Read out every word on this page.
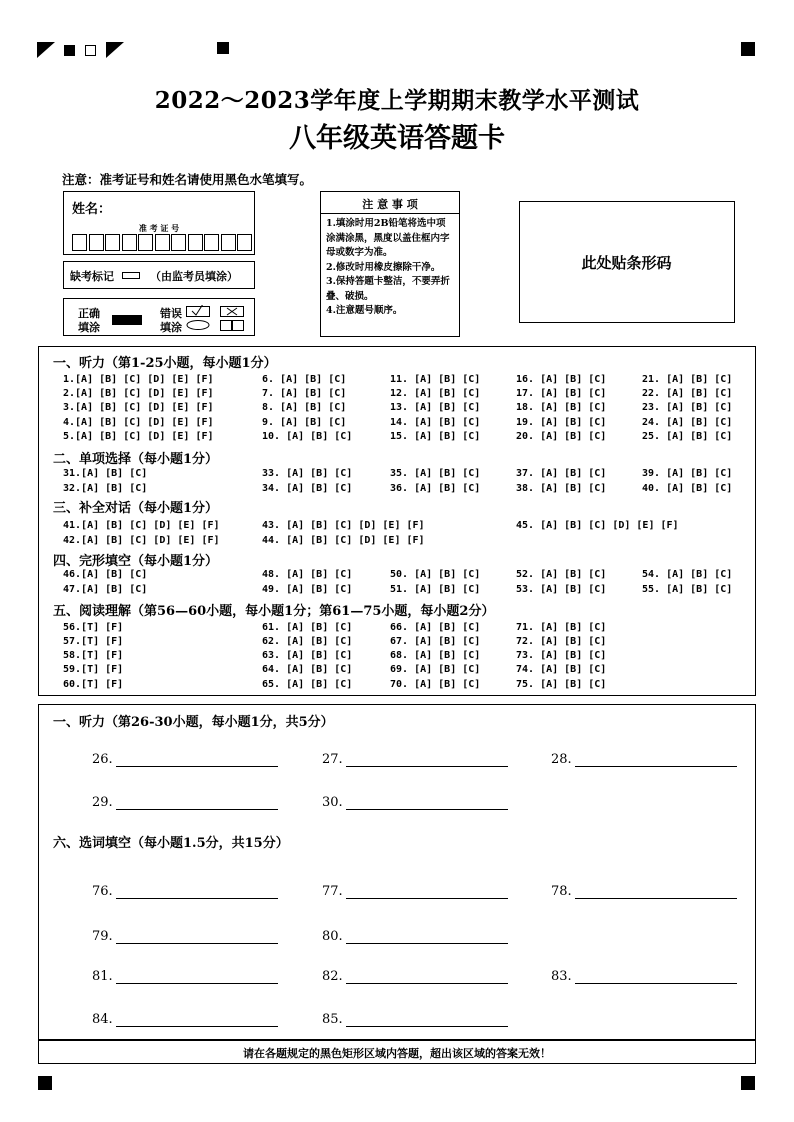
2022～2023学年度上学期期末教学水平测试
八年级英语答题卡
注意：准考证号和姓名请使用黑色水笔填写。
姓名：
准 考 证 号
缺考标记	（由监考员填涂）
正确
填涂
错误
填涂
注 意 事 项
1.填涂时用2B铅笔将选中项
涂满涂黑，黑度以盖住框内字
母或数字为准。
2.修改时用橡皮擦除干净。
3.保持答题卡整洁，不要弄折
叠、破损。
4.注意题号顺序。
此处贴条形码
一、听力（第1-25小题，每小题1分）
二、单项选择（每小题1分）
三、补全对话（每小题1分）
四、完形填空（每小题1分）
五、阅读理解（第56—60小题，每小题1分；第61—75小题，每小题2分）
1.[A] [B] [C] [D] [E] [F]	6. [A] [B] [C]	11. [A] [B] [C]	16. [A] [B] [C]	21. [A] [B] [C]
2.[A] [B] [C] [D] [E] [F]	7. [A] [B] [C]	12. [A] [B] [C]	17. [A] [B] [C]	22. [A] [B] [C]
3.[A] [B] [C] [D] [E] [F]	8. [A] [B] [C]	13. [A] [B] [C]	18. [A] [B] [C]	23. [A] [B] [C]
4.[A] [B] [C] [D] [E] [F]	9. [A] [B] [C]	14. [A] [B] [C]	19. [A] [B] [C]	24. [A] [B] [C]
5.[A] [B] [C] [D] [E] [F]	10. [A] [B] [C]	15. [A] [B] [C]	20. [A] [B] [C]	25. [A] [B] [C]
31.[A] [B] [C]	33. [A] [B] [C]	35. [A] [B] [C]	37. [A] [B] [C]	39. [A] [B] [C]
32.[A] [B] [C]	34. [A] [B] [C]	36. [A] [B] [C]	38. [A] [B] [C]	40. [A] [B] [C]
41.[A] [B] [C] [D] [E] [F]	43. [A] [B] [C] [D] [E] [F]	45. [A] [B] [C] [D] [E] [F]
42.[A] [B] [C] [D] [E] [F]	44. [A] [B] [C] [D] [E] [F]
46.[A] [B] [C]	48. [A] [B] [C]	50. [A] [B] [C]	52. [A] [B] [C]	54. [A] [B] [C]
47.[A] [B] [C]	49. [A] [B] [C]	51. [A] [B] [C]	53. [A] [B] [C]	55. [A] [B] [C]
56.[T] [F]	61. [A] [B] [C]	66. [A] [B] [C]	71. [A] [B] [C]
57.[T] [F]	62. [A] [B] [C]	67. [A] [B] [C]	72. [A] [B] [C]
58.[T] [F]	63. [A] [B] [C]	68. [A] [B] [C]	73. [A] [B] [C]
59.[T] [F]	64. [A] [B] [C]	69. [A] [B] [C]	74. [A] [B] [C]
60.[T] [F]	65. [A] [B] [C]	70. [A] [B] [C]	75. [A] [B] [C]
一、听力（第26-30小题，每小题1分，共5分）
六、选词填空（每小题1.5分，共15分）
26.	27.	28.
29.	30.
76.	77.	78.
79.	80.
81.	82.	83.
84.	85.
请在各题规定的黑色矩形区域内答题，超出该区域的答案无效！
